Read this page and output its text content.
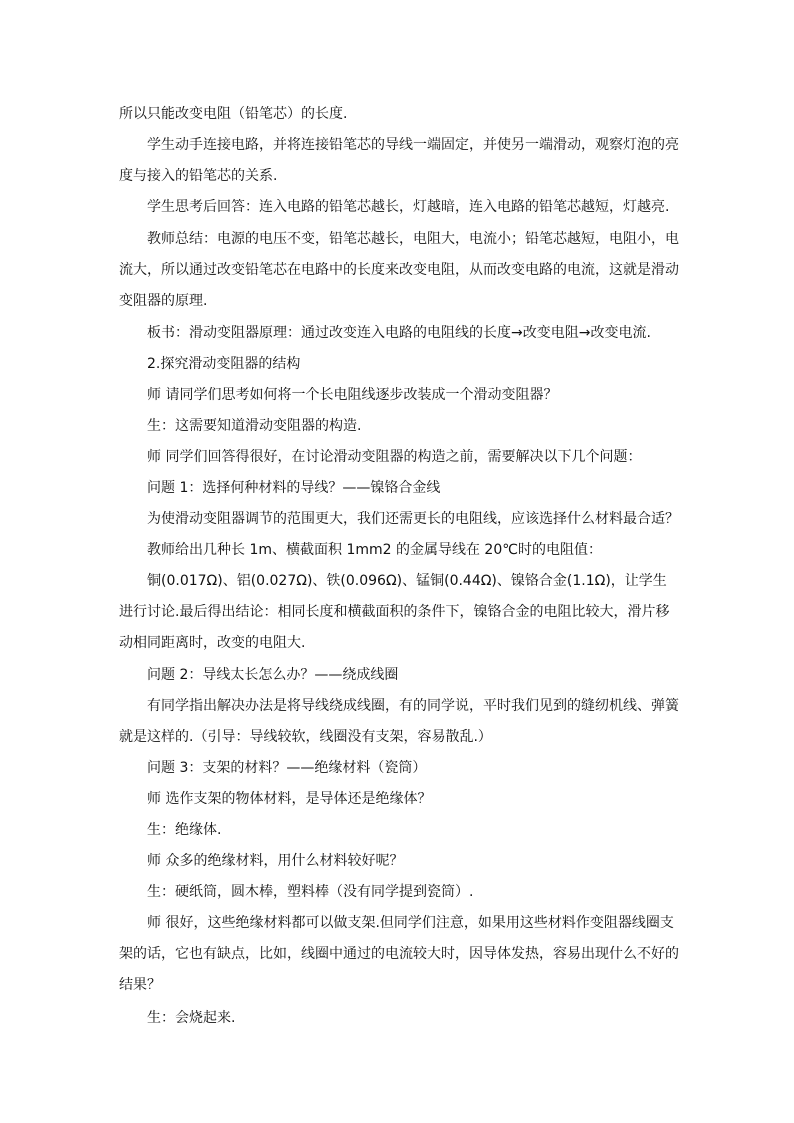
所以只能改变电阻（铅笔芯）的长度.

学生动手连接电路，并将连接铅笔芯的导线一端固定，并使另一端滑动，观察灯泡的亮度与接入的铅笔芯的关系.

学生思考后回答：连入电路的铅笔芯越长，灯越暗，连入电路的铅笔芯越短，灯越亮.

教师总结：电源的电压不变，铅笔芯越长，电阻大，电流小；铅笔芯越短，电阻小，电流大，所以通过改变铅笔芯在电路中的长度来改变电阻，从而改变电路的电流，这就是滑动变阻器的原理.

板书：滑动变阻器原理：通过改变连入电路的电阻线的长度→改变电阻→改变电流.

2.探究滑动变阻器的结构

师 请同学们思考如何将一个长电阻线逐步改装成一个滑动变阻器？

生：这需要知道滑动变阻器的构造.

师 同学们回答得很好，在讨论滑动变阻器的构造之前，需要解决以下几个问题：

问题 1：选择何种材料的导线？——镍铬合金线

为使滑动变阻器调节的范围更大，我们还需更长的电阻线，应该选择什么材料最合适？

教师给出几种长 1m、横截面积 1mm2 的金属导线在 20℃时的电阻值：

铜(0.017Ω)、铝(0.027Ω)、铁(0.096Ω)、锰铜(0.44Ω)、镍铬合金(1.1Ω)，让学生进行讨论.最后得出结论：相同长度和横截面积的条件下，镍铬合金的电阻比较大，滑片移动相同距离时，改变的电阻大.

问题 2：导线太长怎么办？——绕成线圈

有同学指出解决办法是将导线绕成线圈，有的同学说，平时我们见到的缝纫机线、弹簧就是这样的.（引导：导线较软，线圈没有支架，容易散乱.）

问题 3：支架的材料？——绝缘材料（瓷筒）

师 选作支架的物体材料，是导体还是绝缘体？

生：绝缘体.

师 众多的绝缘材料，用什么材料较好呢？

生：硬纸筒，圆木棒，塑料棒（没有同学提到瓷筒）.

师 很好，这些绝缘材料都可以做支架.但同学们注意，如果用这些材料作变阻器线圈支架的话，它也有缺点，比如，线圈中通过的电流较大时，因导体发热，容易出现什么不好的结果？

生：会烧起来.
